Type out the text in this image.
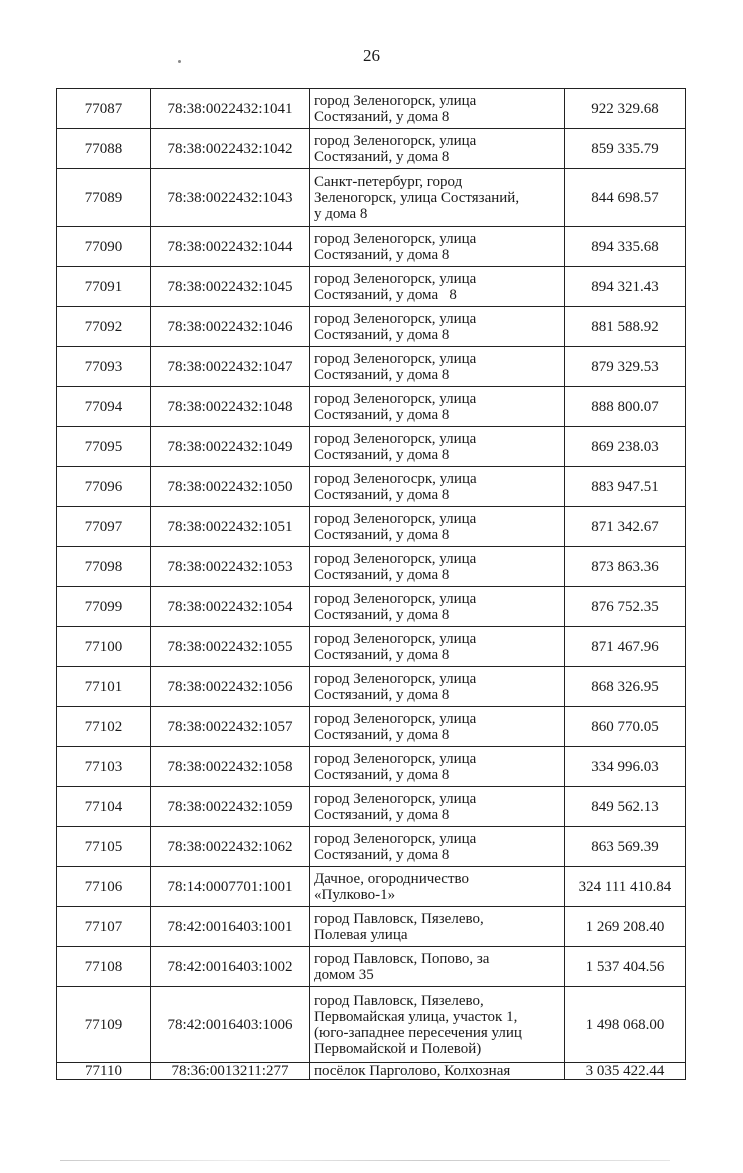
26
77087	78:38:0022432:1041	город Зеленогорск, улица
Состязаний, у дома 8	922 329.68
77088	78:38:0022432:1042	город Зеленогорск, улица
Состязаний, у дома 8	859 335.79
77089	78:38:0022432:1043	Санкт-петербург, город
Зеленогорск, улица Состязаний,
у дома 8	844 698.57
77090	78:38:0022432:1044	город Зеленогорск, улица
Состязаний, у дома 8	894 335.68
77091	78:38:0022432:1045	город Зеленогорск, улица
Состязаний, у дома   8	894 321.43
77092	78:38:0022432:1046	город Зеленогорск, улица
Состязаний, у дома 8	881 588.92
77093	78:38:0022432:1047	город Зеленогорск, улица
Состязаний, у дома 8	879 329.53
77094	78:38:0022432:1048	город Зеленогорск, улица
Состязаний, у дома 8	888 800.07
77095	78:38:0022432:1049	город Зеленогорск, улица
Состязаний, у дома 8	869 238.03
77096	78:38:0022432:1050	город Зеленогосрк, улица
Состязаний, у дома 8	883 947.51
77097	78:38:0022432:1051	город Зеленогорск, улица
Состязаний, у дома 8	871 342.67
77098	78:38:0022432:1053	город Зеленогорск, улица
Состязаний, у дома 8	873 863.36
77099	78:38:0022432:1054	город Зеленогорск, улица
Состязаний, у дома 8	876 752.35
77100	78:38:0022432:1055	город Зеленогорск, улица
Состязаний, у дома 8	871 467.96
77101	78:38:0022432:1056	город Зеленогорск, улица
Состязаний, у дома 8	868 326.95
77102	78:38:0022432:1057	город Зеленогорск, улица
Состязаний, у дома 8	860 770.05
77103	78:38:0022432:1058	город Зеленогорск, улица
Состязаний, у дома 8	334 996.03
77104	78:38:0022432:1059	город Зеленогорск, улица
Состязаний, у дома 8	849 562.13
77105	78:38:0022432:1062	город Зеленогорск, улица
Состязаний, у дома 8	863 569.39
77106	78:14:0007701:1001	Дачное, огородничество
«Пулково-1»	324 111 410.84
77107	78:42:0016403:1001	город Павловск, Пязелево,
Полевая улица	1 269 208.40
77108	78:42:0016403:1002	город Павловск, Попово, за
домом 35	1 537 404.56
77109	78:42:0016403:1006	город Павловск, Пязелево,
Первомайская улица, участок 1,
(юго-западнее пересечения улиц
Первомайской и Полевой)	1 498 068.00
77110	78:36:0013211:277	посёлок Парголово, Колхозная	3 035 422.44
